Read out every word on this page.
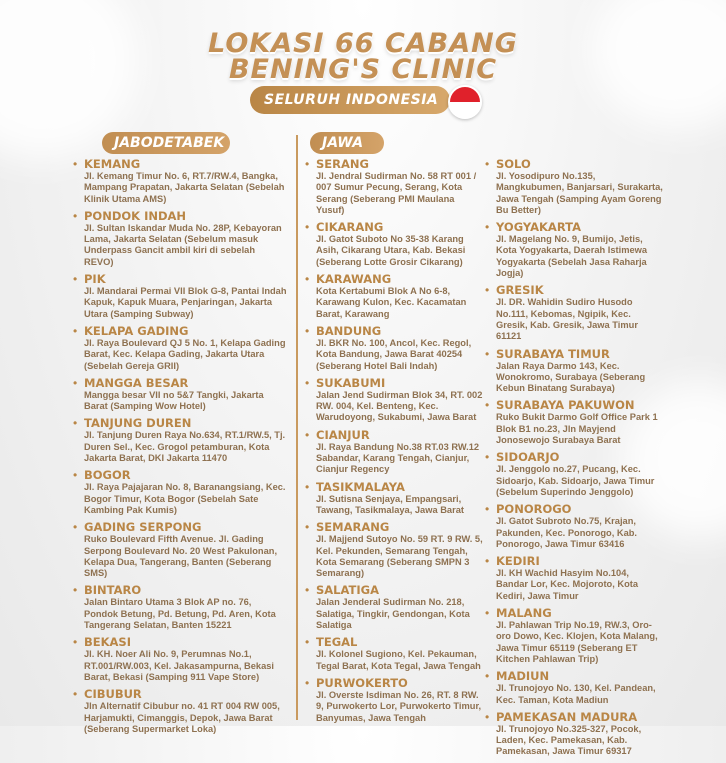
LOKASI 66 CABANG
BENING'S CLINIC
SELURUH INDONESIA
JABODETABEK	JAWA
• KEMANG
Jl. Kemang Timur No. 6, RT.7/RW.4, Bangka, Mampang Prapatan, Jakarta Selatan (Sebelah Klinik Utama AMS)
• PONDOK INDAH
Jl. Sultan Iskandar Muda No. 28P, Kebayoran Lama, Jakarta Selatan (Sebelum masuk Underpass Gancit ambil kiri di sebelah REVO)
• PIK
Jl. Mandarai Permai VII Blok G-8, Pantai Indah Kapuk, Kapuk Muara, Penjaringan, Jakarta Utara (Samping Subway)
• KELAPA GADING
Jl. Raya Boulevard QJ 5 No. 1, Kelapa Gading Barat, Kec. Kelapa Gading, Jakarta Utara (Sebelah Gereja GRII)
• MANGGA BESAR
Mangga besar VII no 5&7 Tangki, Jakarta Barat (Samping Wow Hotel)
• TANJUNG DUREN
Jl. Tanjung Duren Raya No.634, RT.1/RW.5, Tj. Duren Sel., Kec. Grogol petamburan, Kota Jakarta Barat, DKI Jakarta 11470
• BOGOR
Jl. Raya Pajajaran No. 8, Baranangsiang, Kec. Bogor Timur, Kota Bogor (Sebelah Sate Kambing Pak Kumis)
• GADING SERPONG
Ruko Boulevard Fifth Avenue. Jl. Gading Serpong Boulevard No. 20 West Pakulonan, Kelapa Dua, Tangerang, Banten (Seberang SMS)
• BINTARO
Jalan Bintaro Utama 3 Blok AP no. 76, Pondok Betung, Pd. Betung, Pd. Aren, Kota Tangerang Selatan, Banten 15221
• BEKASI
Jl. KH. Noer Ali No. 9, Perumnas No.1, RT.001/RW.003, Kel. Jakasampurna, Bekasi Barat, Bekasi (Samping 911 Vape Store)
• CIBUBUR
Jln Alternatif Cibubur no. 41 RT 004 RW 005, Harjamukti, Cimanggis, Depok, Jawa Barat (Seberang Supermarket Loka)
• SERANG
Jl. Jendral Sudirman No. 58 RT 001 / 007 Sumur Pecung, Serang, Kota Serang (Seberang PMI Maulana Yusuf)
• CIKARANG
Jl. Gatot Suboto No 35-38 Karang Asih, Cikarang Utara, Kab. Bekasi (Seberang Lotte Grosir Cikarang)
• KARAWANG
Kota Kertabumi Blok A No 6-8, Karawang Kulon, Kec. Kacamatan Barat, Karawang
• BANDUNG
Jl. BKR No. 100, Ancol, Kec. Regol, Kota Bandung, Jawa Barat 40254 (Seberang Hotel Bali Indah)
• SUKABUMI
Jalan Jend Sudirman Blok 34, RT. 002 RW. 004, Kel. Benteng, Kec. Warudoyong, Sukabumi, Jawa Barat
• CIANJUR
Jl. Raya Bandung No.38 RT.03 RW.12 Sabandar, Karang Tengah, Cianjur, Cianjur Regency
• TASIKMALAYA
Jl. Sutisna Senjaya, Empangsari, Tawang, Tasikmalaya, Jawa Barat
• SEMARANG
Jl. Majjend Sutoyo No. 59 RT. 9 RW. 5, Kel. Pekunden, Semarang Tengah, Kota Semarang (Seberang SMPN 3 Semarang)
• SALATIGA
Jalan Jenderal Sudirman No. 218, Salatiga, Tingkir, Gendongan, Kota Salatiga
• TEGAL
Jl. Kolonel Sugiono, Kel. Pekauman, Tegal Barat, Kota Tegal, Jawa Tengah
• PURWOKERTO
Jl. Overste Isdiman No. 26, RT. 8 RW. 9, Purwokerto Lor, Purwokerto Timur, Banyumas, Jawa Tengah
• SOLO
Jl. Yosodipuro No.135, Mangkubumen, Banjarsari, Surakarta, Jawa Tengah (Samping Ayam Goreng Bu Better)
• YOGYAKARTA
Jl. Magelang No. 9, Bumijo, Jetis, Kota Yogyakarta, Daerah Istimewa Yogyakarta (Sebelah Jasa Raharja Jogja)
• GRESIK
Jl. DR. Wahidin Sudiro Husodo No.111, Kebomas, Ngipik, Kec. Gresik, Kab. Gresik, Jawa Timur 61121
• SURABAYA TIMUR
Jalan Raya Darmo 143, Kec. Wonokromo, Surabaya (Seberang Kebun Binatang Surabaya)
• SURABAYA PAKUWON
Ruko Bukit Darmo Golf Office Park 1 Blok B1 no.23, Jln Mayjend Jonosewojo Surabaya Barat
• SIDOARJO
Jl. Jenggolo no.27, Pucang, Kec. Sidoarjo, Kab. Sidoarjo, Jawa Timur (Sebelum Superindo Jenggolo)
• PONOROGO
Jl. Gatot Subroto No.75, Krajan, Pakunden, Kec. Ponorogo, Kab. Ponorogo, Jawa Timur 63416
• KEDIRI
Jl. KH Wachid Hasyim No.104, Bandar Lor, Kec. Mojoroto, Kota Kediri, Jawa Timur
• MALANG
Jl. Pahlawan Trip No.19, RW.3, Oro-oro Dowo, Kec. Klojen, Kota Malang, Jawa Timur 65119 (Seberang ET Kitchen Pahlawan Trip)
• MADIUN
Jl. Trunojoyo No. 130, Kel. Pandean, Kec. Taman, Kota Madiun
• PAMEKASAN MADURA
Jl. Trunojoyo No.325-327, Pocok, Laden, Kec. Pamekasan, Kab. Pamekasan, Jawa Timur 69317
